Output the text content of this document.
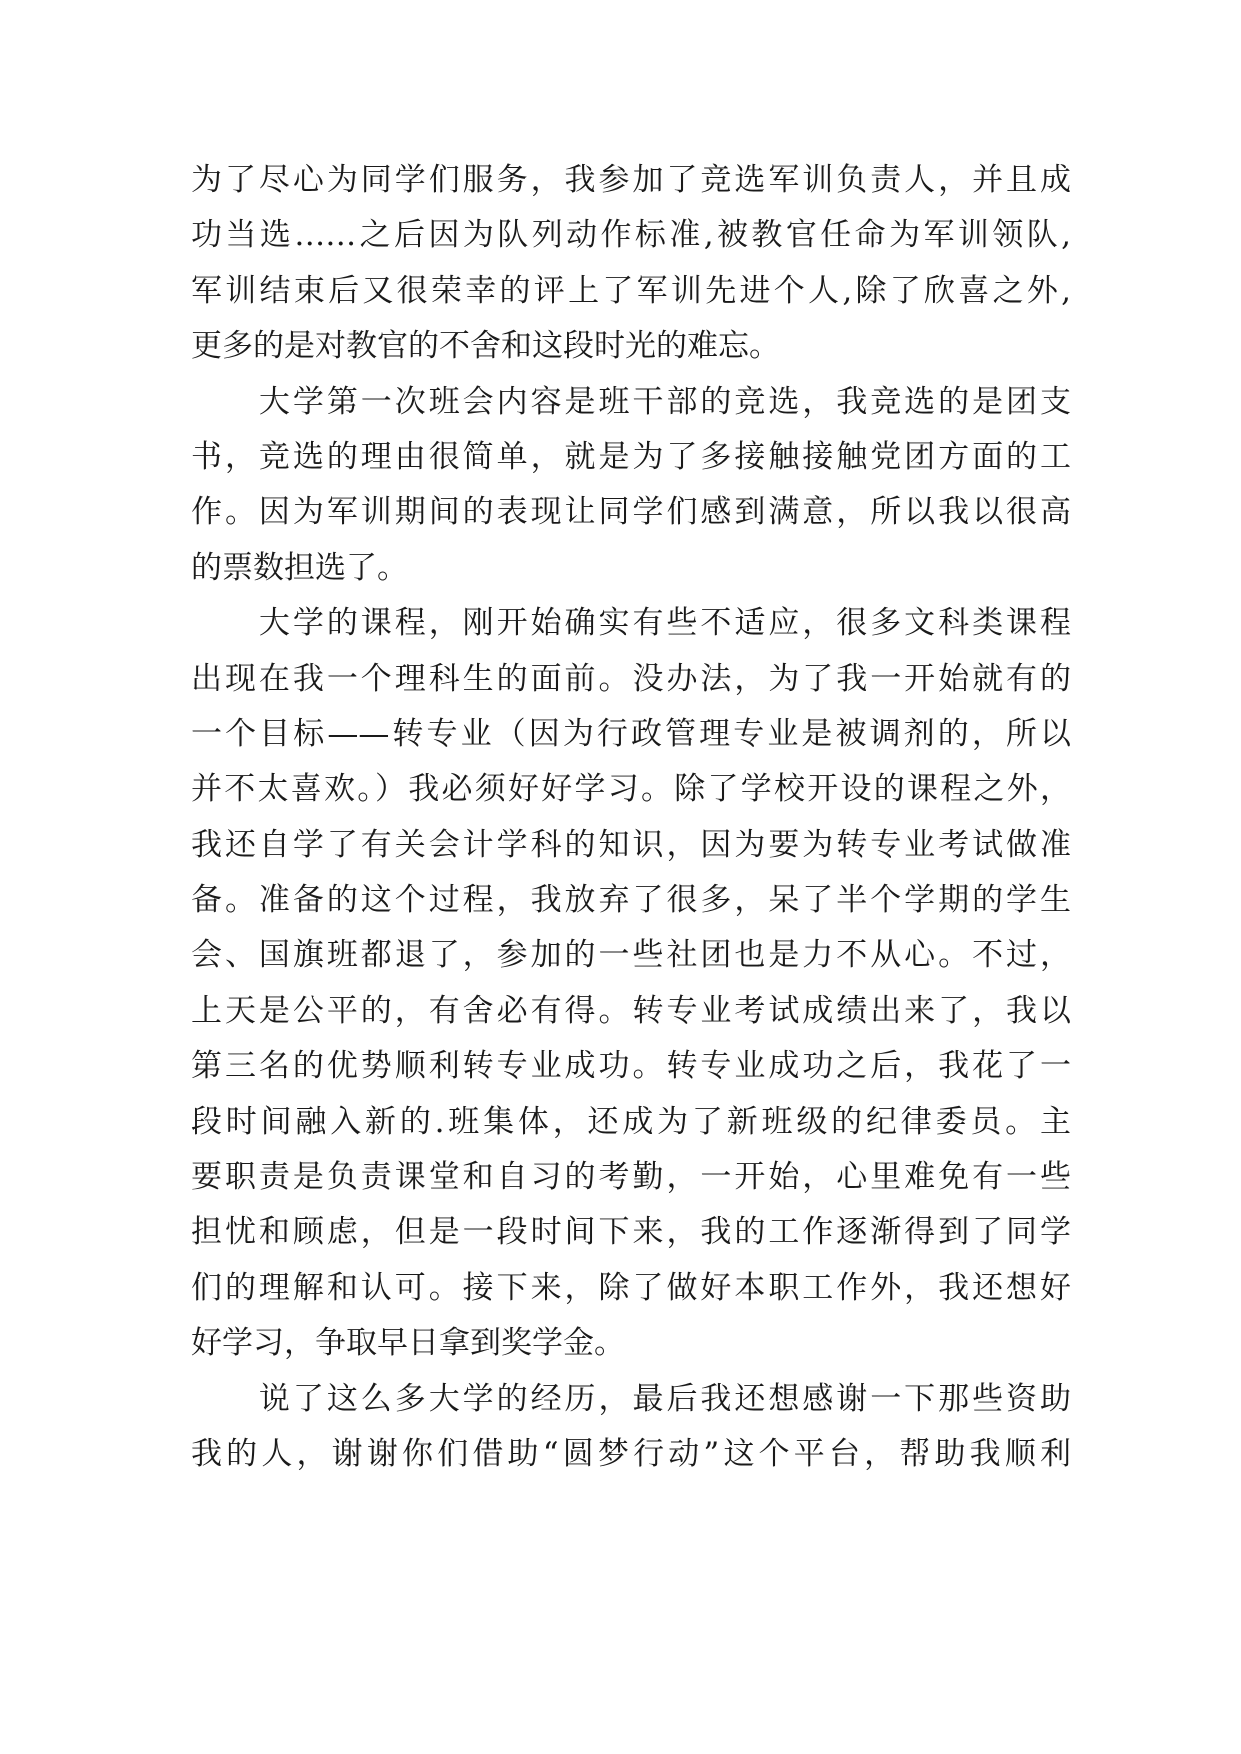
为了尽心为同学们服务，我参加了竞选军训负责人，并且成
功当选……之后因为队列动作标准,被教官任命为军训领队,
军训结束后又很荣幸的评上了军训先进个人,除了欣喜之外,
更多的是对教官的不舍和这段时光的难忘。
　　大学第一次班会内容是班干部的竞选，我竞选的是团支
书，竞选的理由很简单，就是为了多接触接触党团方面的工
作。因为军训期间的表现让同学们感到满意，所以我以很高
的票数担选了。
　　大学的课程，刚开始确实有些不适应，很多文科类课程
出现在我一个理科生的面前。没办法，为了我一开始就有的
一个目标——转专业（因为行政管理专业是被调剂的，所以
并不太喜欢。）我必须好好学习。除了学校开设的课程之外，
我还自学了有关会计学科的知识，因为要为转专业考试做准
备。准备的这个过程，我放弃了很多，呆了半个学期的学生
会、国旗班都退了，参加的一些社团也是力不从心。不过，
上天是公平的，有舍必有得。转专业考试成绩出来了，我以
第三名的优势顺利转专业成功。转专业成功之后，我花了一
段时间融入新的.班集体，还成为了新班级的纪律委员。主
要职责是负责课堂和自习的考勤，一开始，心里难免有一些
担忧和顾虑，但是一段时间下来，我的工作逐渐得到了同学
们的理解和认可。接下来，除了做好本职工作外，我还想好
好学习，争取早日拿到奖学金。
　　说了这么多大学的经历，最后我还想感谢一下那些资助
我的人，谢谢你们借助“圆梦行动”这个平台，帮助我顺利
